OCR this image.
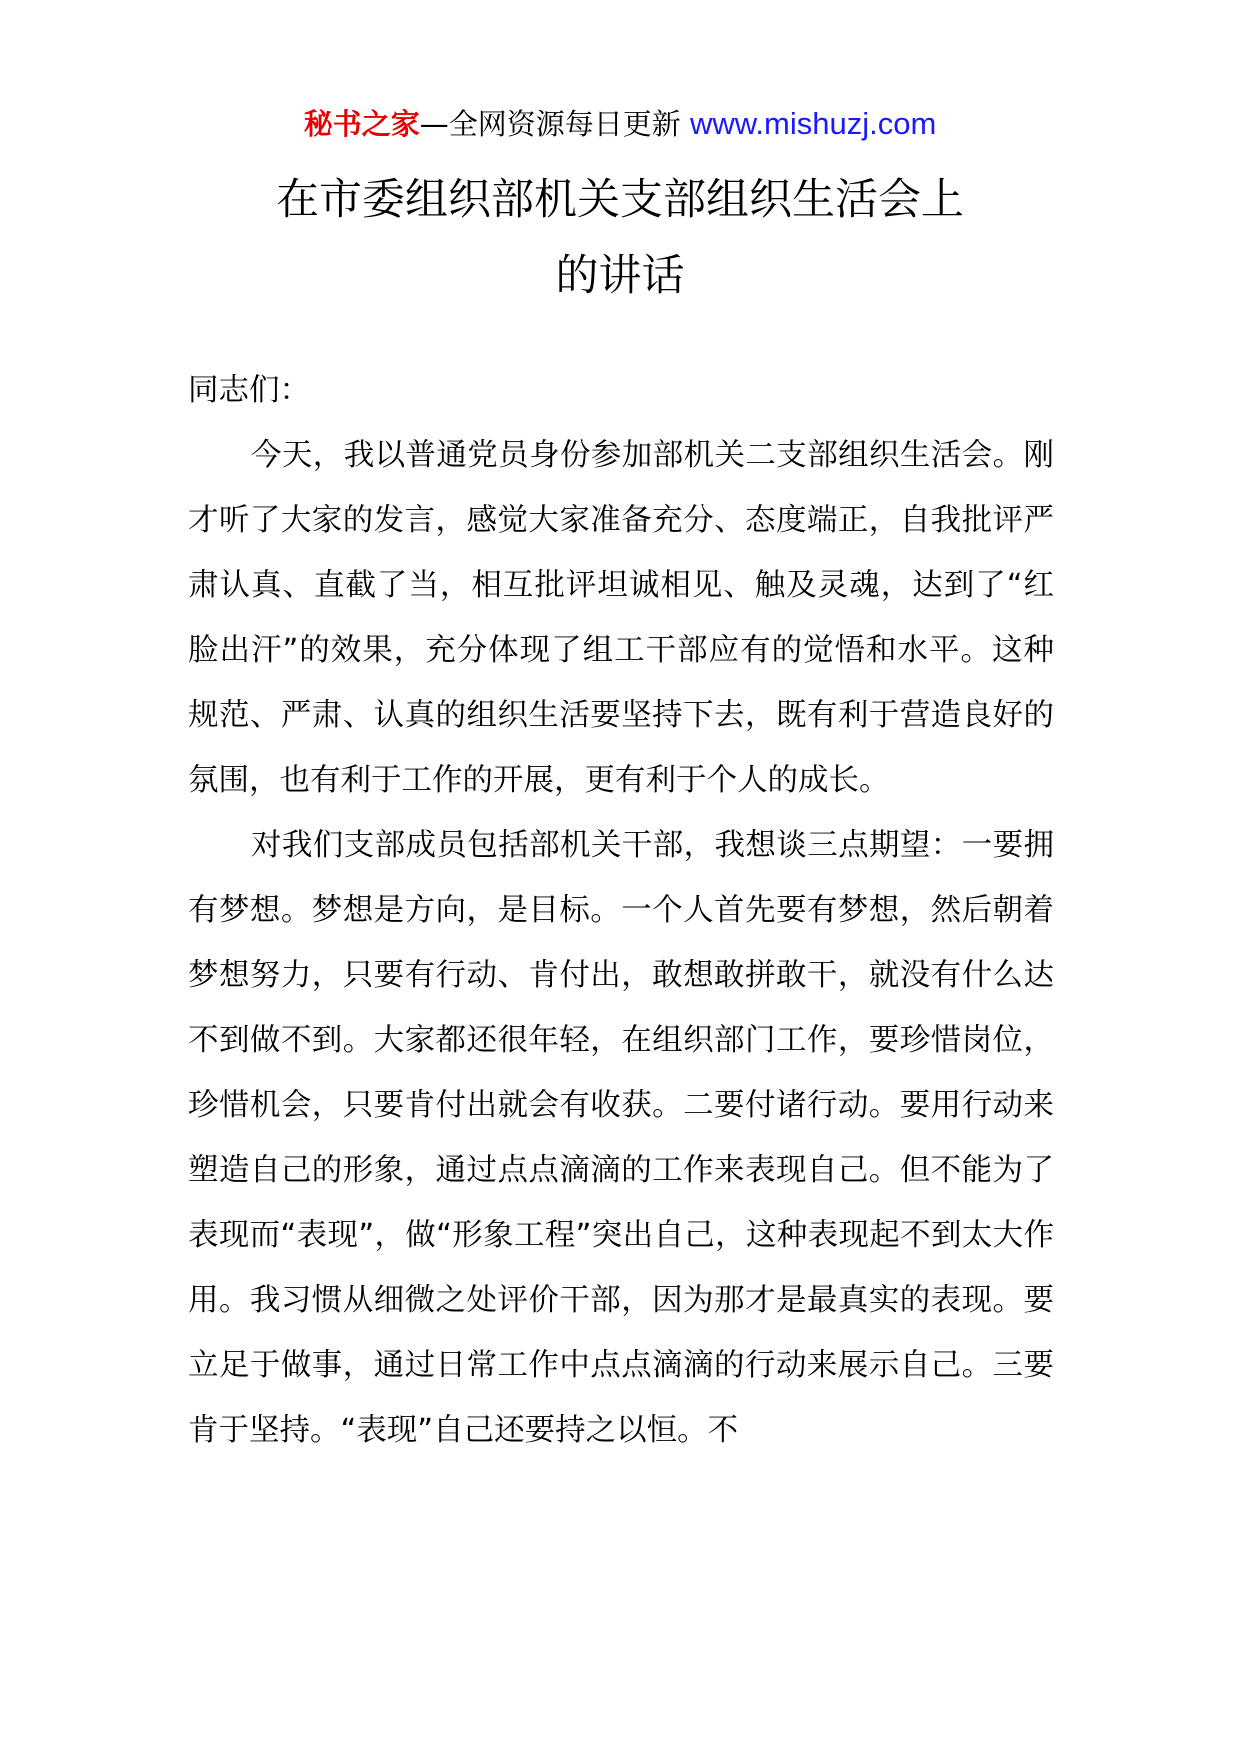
秘书之家—全网资源每日更新 www.mishuzj.com
在市委组织部机关支部组织生活会上
的讲话

同志们：

今天，我以普通党员身份参加部机关二支部组织生活会。刚才听了大家的发言，感觉大家准备充分、态度端正，自我批评严肃认真、直截了当，相互批评坦诚相见、触及灵魂，达到了“红脸出汗”的效果，充分体现了组工干部应有的觉悟和水平。这种规范、严肃、认真的组织生活要坚持下去，既有利于营造良好的氛围，也有利于工作的开展，更有利于个人的成长。

对我们支部成员包括部机关干部，我想谈三点期望：一要拥有梦想。梦想是方向，是目标。一个人首先要有梦想，然后朝着梦想努力，只要有行动、肯付出，敢想敢拼敢干，就没有什么达不到做不到。大家都还很年轻，在组织部门工作，要珍惜岗位，珍惜机会，只要肯付出就会有收获。二要付诸行动。要用行动来塑造自己的形象，通过点点滴滴的工作来表现自己。但不能为了表现而“表现”，做“形象工程”突出自己，这种表现起不到太大作用。我习惯从细微之处评价干部，因为那才是最真实的表现。要立足于做事，通过日常工作中点点滴滴的行动来展示自己。三要肯于坚持。“表现”自己还要持之以恒。不
